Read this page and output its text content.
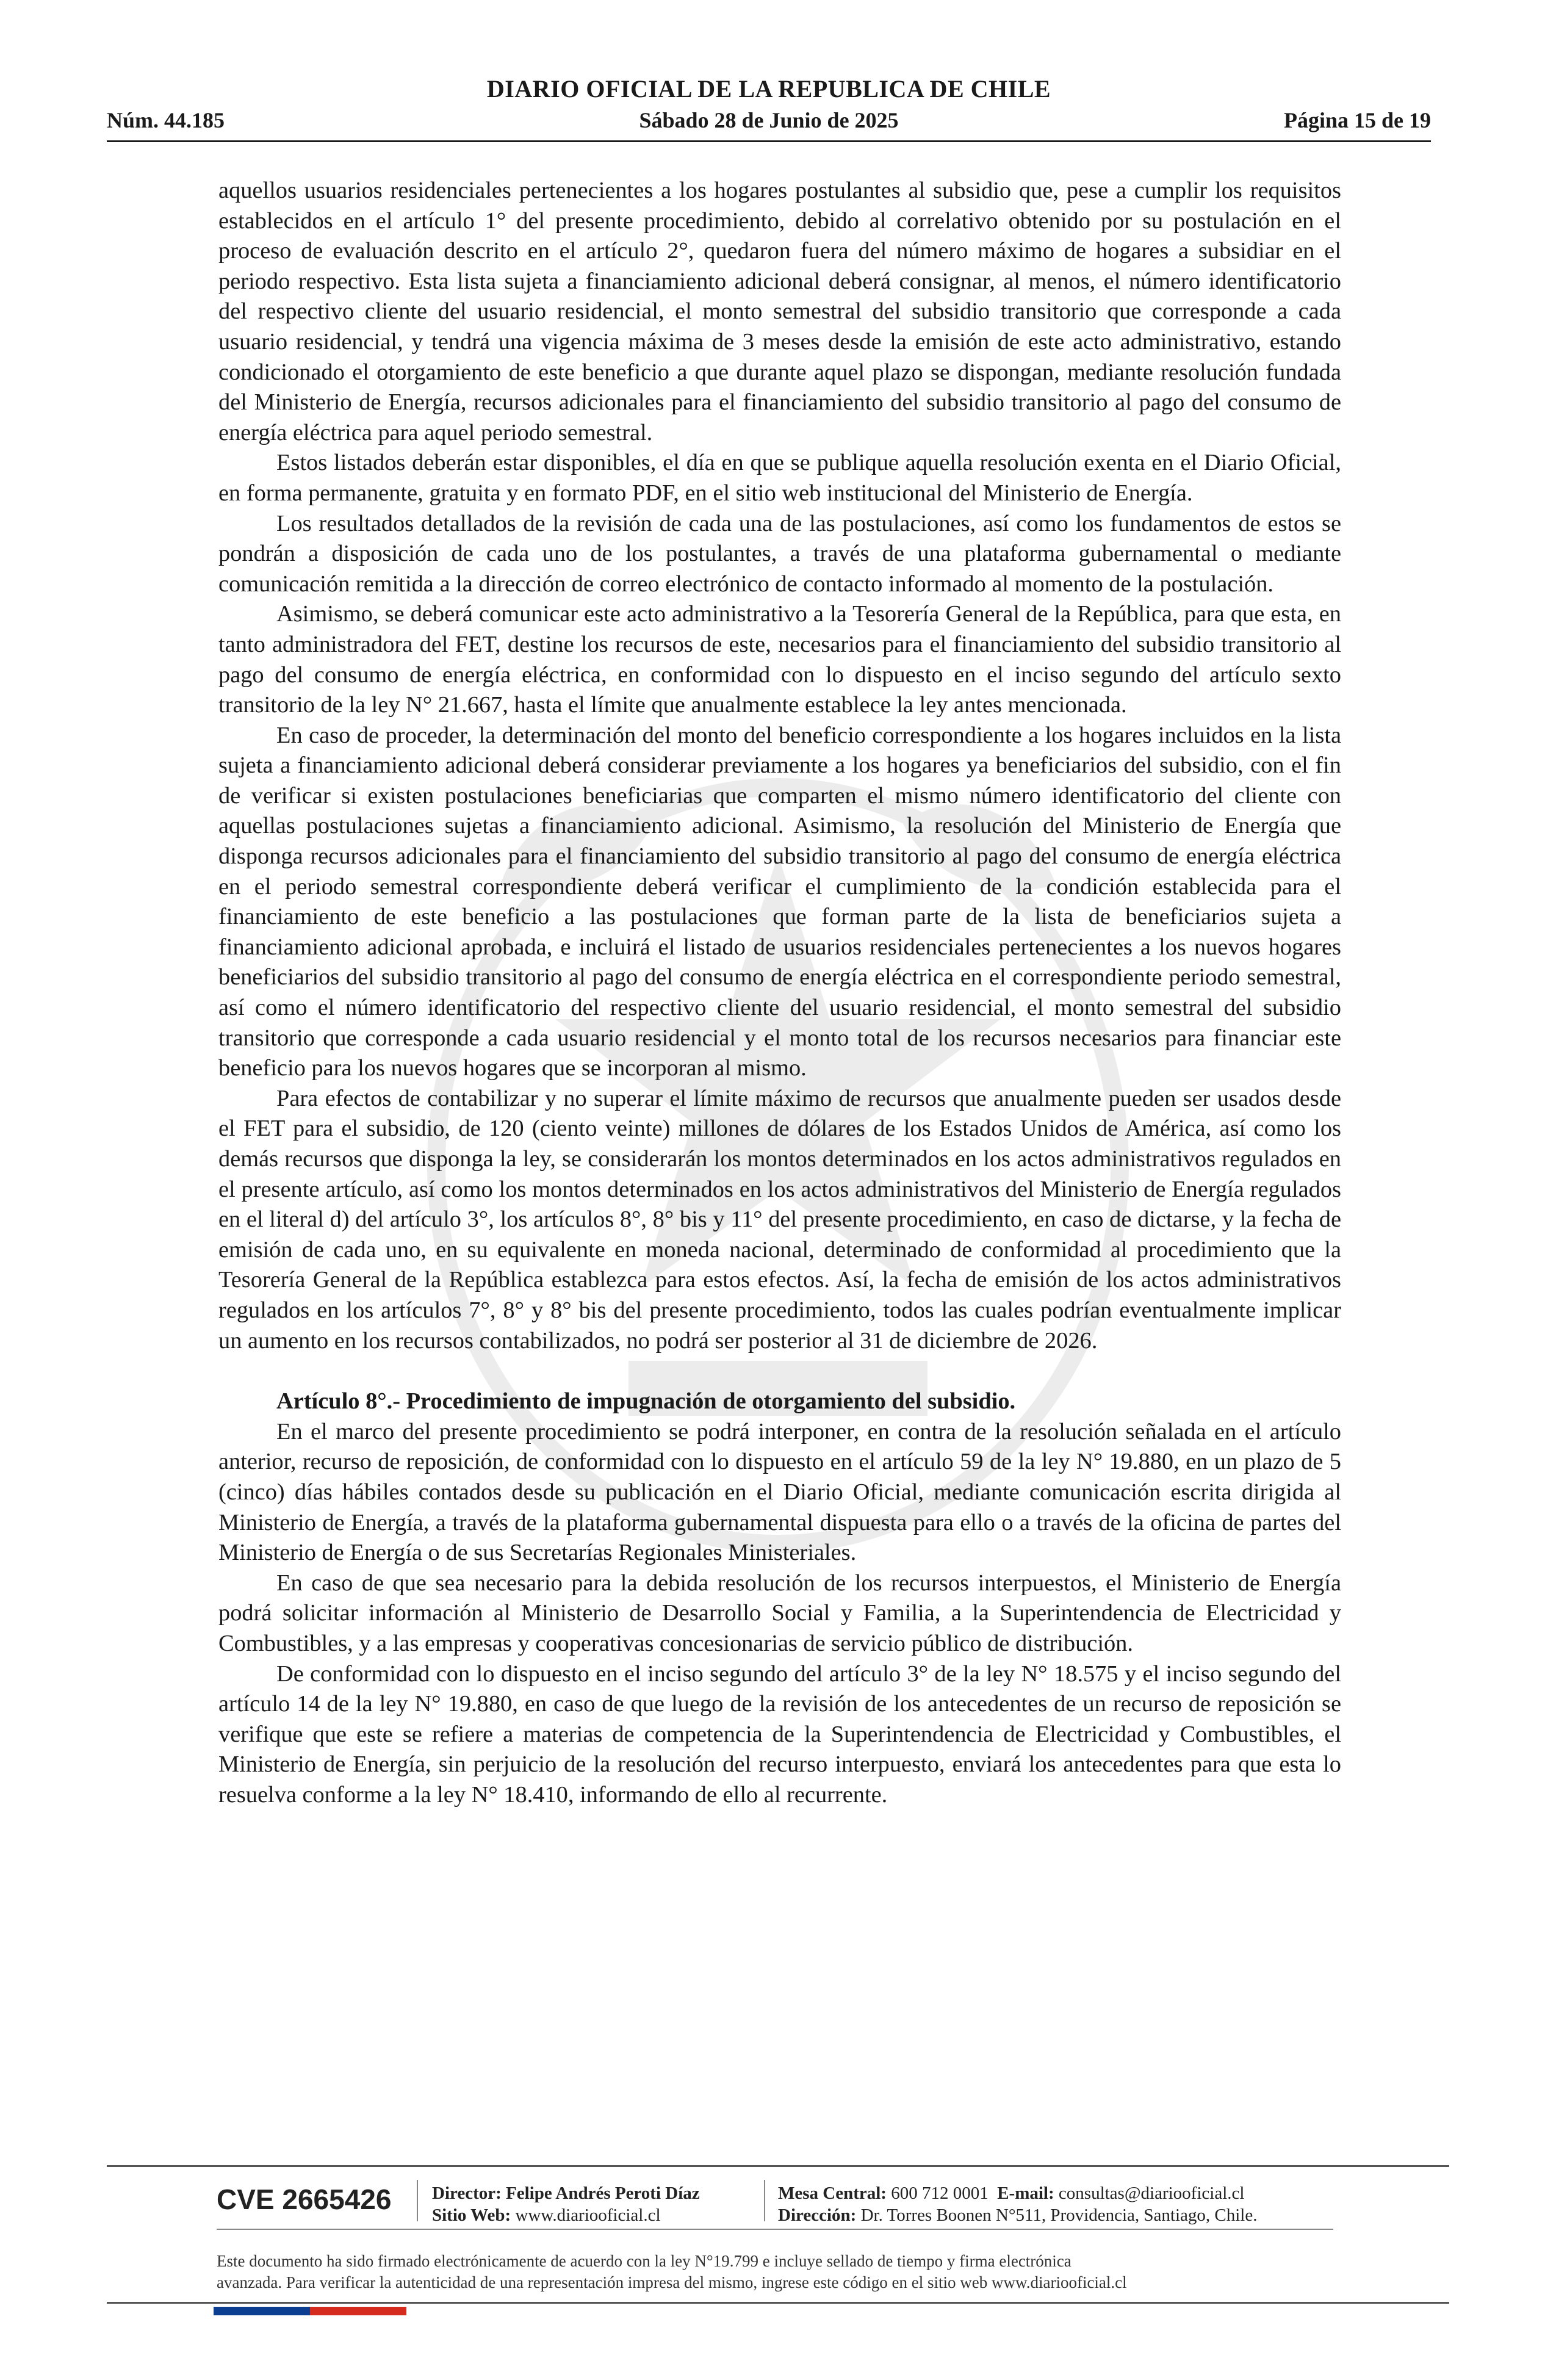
DIARIO OFICIAL DE LA REPUBLICA DE CHILE
Núm. 44.185	Sábado 28 de Junio de 2025	Página 15 de 19

aquellos usuarios residenciales pertenecientes a los hogares postulantes al subsidio que, pese a cumplir los requisitos establecidos en el artículo 1° del presente procedimiento, debido al correlativo obtenido por su postulación en el proceso de evaluación descrito en el artículo 2°, quedaron fuera del número máximo de hogares a subsidiar en el periodo respectivo. Esta lista sujeta a financiamiento adicional deberá consignar, al menos, el número identificatorio del respectivo cliente del usuario residencial, el monto semestral del subsidio transitorio que corresponde a cada usuario residencial, y tendrá una vigencia máxima de 3 meses desde la emisión de este acto administrativo, estando condicionado el otorgamiento de este beneficio a que durante aquel plazo se dispongan, mediante resolución fundada del Ministerio de Energía, recursos adicionales para el financiamiento del subsidio transitorio al pago del consumo de energía eléctrica para aquel periodo semestral.

Estos listados deberán estar disponibles, el día en que se publique aquella resolución exenta en el Diario Oficial, en forma permanente, gratuita y en formato PDF, en el sitio web institucional del Ministerio de Energía.

Los resultados detallados de la revisión de cada una de las postulaciones, así como los fundamentos de estos se pondrán a disposición de cada uno de los postulantes, a través de una plataforma gubernamental o mediante comunicación remitida a la dirección de correo electrónico de contacto informado al momento de la postulación.

Asimismo, se deberá comunicar este acto administrativo a la Tesorería General de la República, para que esta, en tanto administradora del FET, destine los recursos de este, necesarios para el financiamiento del subsidio transitorio al pago del consumo de energía eléctrica, en conformidad con lo dispuesto en el inciso segundo del artículo sexto transitorio de la ley N° 21.667, hasta el límite que anualmente establece la ley antes mencionada.

En caso de proceder, la determinación del monto del beneficio correspondiente a los hogares incluidos en la lista sujeta a financiamiento adicional deberá considerar previamente a los hogares ya beneficiarios del subsidio, con el fin de verificar si existen postulaciones beneficiarias que comparten el mismo número identificatorio del cliente con aquellas postulaciones sujetas a financiamiento adicional. Asimismo, la resolución del Ministerio de Energía que disponga recursos adicionales para el financiamiento del subsidio transitorio al pago del consumo de energía eléctrica en el periodo semestral correspondiente deberá verificar el cumplimiento de la condición establecida para el financiamiento de este beneficio a las postulaciones que forman parte de la lista de beneficiarios sujeta a financiamiento adicional aprobada, e incluirá el listado de usuarios residenciales pertenecientes a los nuevos hogares beneficiarios del subsidio transitorio al pago del consumo de energía eléctrica en el correspondiente periodo semestral, así como el número identificatorio del respectivo cliente del usuario residencial, el monto semestral del subsidio transitorio que corresponde a cada usuario residencial y el monto total de los recursos necesarios para financiar este beneficio para los nuevos hogares que se incorporan al mismo.

Para efectos de contabilizar y no superar el límite máximo de recursos que anualmente pueden ser usados desde el FET para el subsidio, de 120 (ciento veinte) millones de dólares de los Estados Unidos de América, así como los demás recursos que disponga la ley, se considerarán los montos determinados en los actos administrativos regulados en el presente artículo, así como los montos determinados en los actos administrativos del Ministerio de Energía regulados en el literal d) del artículo 3°, los artículos 8°, 8° bis y 11° del presente procedimiento, en caso de dictarse, y la fecha de emisión de cada uno, en su equivalente en moneda nacional, determinado de conformidad al procedimiento que la Tesorería General de la República establezca para estos efectos. Así, la fecha de emisión de los actos administrativos regulados en los artículos 7°, 8° y 8° bis del presente procedimiento, todos las cuales podrían eventualmente implicar un aumento en los recursos contabilizados, no podrá ser posterior al 31 de diciembre de 2026.

Artículo 8°.- Procedimiento de impugnación de otorgamiento del subsidio.

En el marco del presente procedimiento se podrá interponer, en contra de la resolución señalada en el artículo anterior, recurso de reposición, de conformidad con lo dispuesto en el artículo 59 de la ley N° 19.880, en un plazo de 5 (cinco) días hábiles contados desde su publicación en el Diario Oficial, mediante comunicación escrita dirigida al Ministerio de Energía, a través de la plataforma gubernamental dispuesta para ello o a través de la oficina de partes del Ministerio de Energía o de sus Secretarías Regionales Ministeriales.

En caso de que sea necesario para la debida resolución de los recursos interpuestos, el Ministerio de Energía podrá solicitar información al Ministerio de Desarrollo Social y Familia, a la Superintendencia de Electricidad y Combustibles, y a las empresas y cooperativas concesionarias de servicio público de distribución.

De conformidad con lo dispuesto en el inciso segundo del artículo 3° de la ley N° 18.575 y el inciso segundo del artículo 14 de la ley N° 19.880, en caso de que luego de la revisión de los antecedentes de un recurso de reposición se verifique que este se refiere a materias de competencia de la Superintendencia de Electricidad y Combustibles, el Ministerio de Energía, sin perjuicio de la resolución del recurso interpuesto, enviará los antecedentes para que esta lo resuelva conforme a la ley N° 18.410, informando de ello al recurrente.

CVE 2665426 Director: Felipe Andrés Peroti Díaz
Sitio Web: www.diariooficial.cl
Mesa Central: 600 712 0001 E-mail: consultas@diariooficial.cl
Dirección: Dr. Torres Boonen N°511, Providencia, Santiago, Chile.
Este documento ha sido firmado electrónicamente de acuerdo con la ley N°19.799 e incluye sellado de tiempo y firma electrónica
avanzada. Para verificar la autenticidad de una representación impresa del mismo, ingrese este código en el sitio web www.diariooficial.cl
